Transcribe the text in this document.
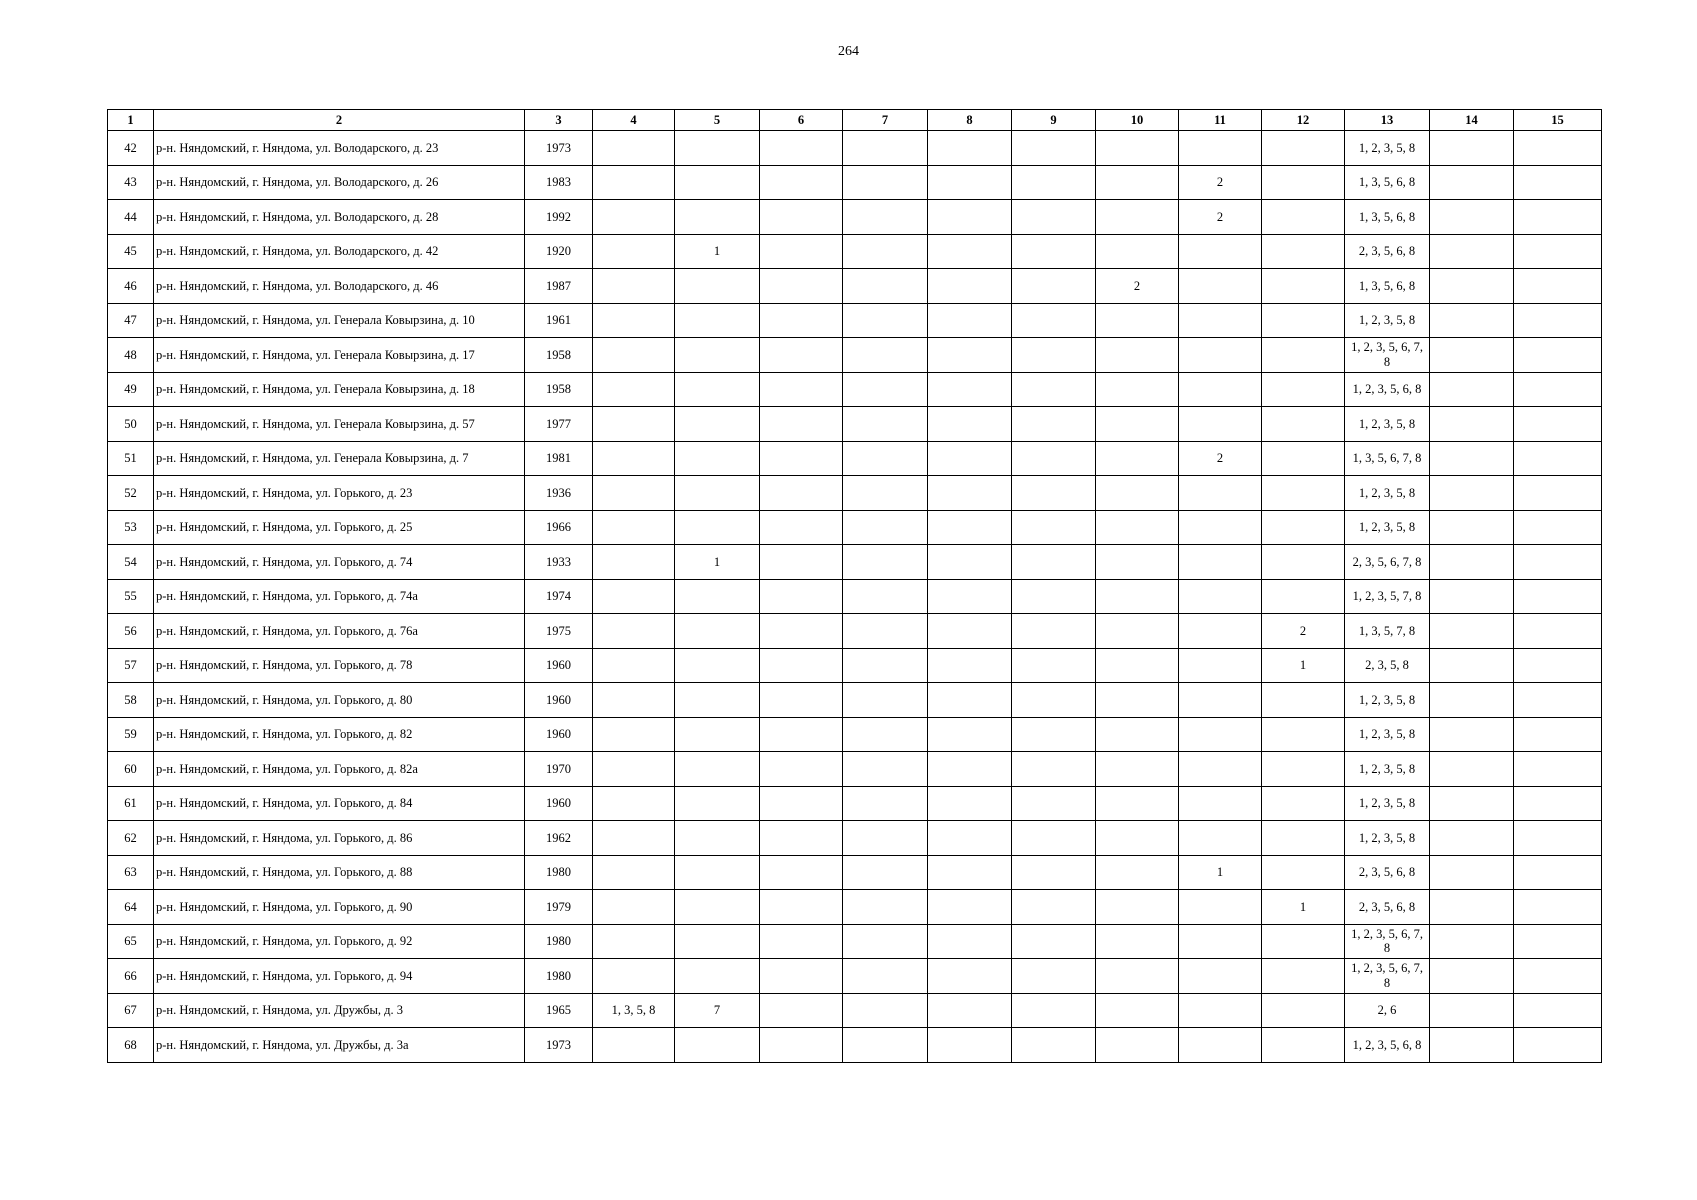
264
1	2	3	4	5	6	7	8	9	10	11	12	13	14	15
42	р-н. Няндомский, г. Няндома, ул. Володарского, д. 23	1973										1, 2, 3, 5, 8		
43	р-н. Няндомский, г. Няндома, ул. Володарского, д. 26	1983								2		1, 3, 5, 6, 8		
44	р-н. Няндомский, г. Няндома, ул. Володарского, д. 28	1992								2		1, 3, 5, 6, 8		
45	р-н. Няндомский, г. Няндома, ул. Володарского, д. 42	1920		1								2, 3, 5, 6, 8		
46	р-н. Няндомский, г. Няндома, ул. Володарского, д. 46	1987							2			1, 3, 5, 6, 8		
47	р-н. Няндомский, г. Няндома, ул. Генерала Ковырзина, д. 10	1961										1, 2, 3, 5, 8		
48	р-н. Няндомский, г. Няндома, ул. Генерала Ковырзина, д. 17	1958										1, 2, 3, 5, 6, 7, 8		
49	р-н. Няндомский, г. Няндома, ул. Генерала Ковырзина, д. 18	1958										1, 2, 3, 5, 6, 8		
50	р-н. Няндомский, г. Няндома, ул. Генерала Ковырзина, д. 57	1977										1, 2, 3, 5, 8		
51	р-н. Няндомский, г. Няндома, ул. Генерала Ковырзина, д. 7	1981								2		1, 3, 5, 6, 7, 8		
52	р-н. Няндомский, г. Няндома, ул. Горького, д. 23	1936										1, 2, 3, 5, 8		
53	р-н. Няндомский, г. Няндома, ул. Горького, д. 25	1966										1, 2, 3, 5, 8		
54	р-н. Няндомский, г. Няндома, ул. Горького, д. 74	1933		1								2, 3, 5, 6, 7, 8		
55	р-н. Няндомский, г. Няндома, ул. Горького, д. 74а	1974										1, 2, 3, 5, 7, 8		
56	р-н. Няндомский, г. Няндома, ул. Горького, д. 76а	1975									2	1, 3, 5, 7, 8		
57	р-н. Няндомский, г. Няндома, ул. Горького, д. 78	1960									1	2, 3, 5, 8		
58	р-н. Няндомский, г. Няндома, ул. Горького, д. 80	1960										1, 2, 3, 5, 8		
59	р-н. Няндомский, г. Няндома, ул. Горького, д. 82	1960										1, 2, 3, 5, 8		
60	р-н. Няндомский, г. Няндома, ул. Горького, д. 82а	1970										1, 2, 3, 5, 8		
61	р-н. Няндомский, г. Няндома, ул. Горького, д. 84	1960										1, 2, 3, 5, 8		
62	р-н. Няндомский, г. Няндома, ул. Горького, д. 86	1962										1, 2, 3, 5, 8		
63	р-н. Няндомский, г. Няндома, ул. Горького, д. 88	1980								1		2, 3, 5, 6, 8		
64	р-н. Няндомский, г. Няндома, ул. Горького, д. 90	1979									1	2, 3, 5, 6, 8		
65	р-н. Няндомский, г. Няндома, ул. Горького, д. 92	1980										1, 2, 3, 5, 6, 7, 8		
66	р-н. Няндомский, г. Няндома, ул. Горького, д. 94	1980										1, 2, 3, 5, 6, 7, 8		
67	р-н. Няндомский, г. Няндома, ул. Дружбы, д. 3	1965	1, 3, 5, 8	7								2, 6		
68	р-н. Няндомский, г. Няндома, ул. Дружбы, д. 3а	1973										1, 2, 3, 5, 6, 8		
